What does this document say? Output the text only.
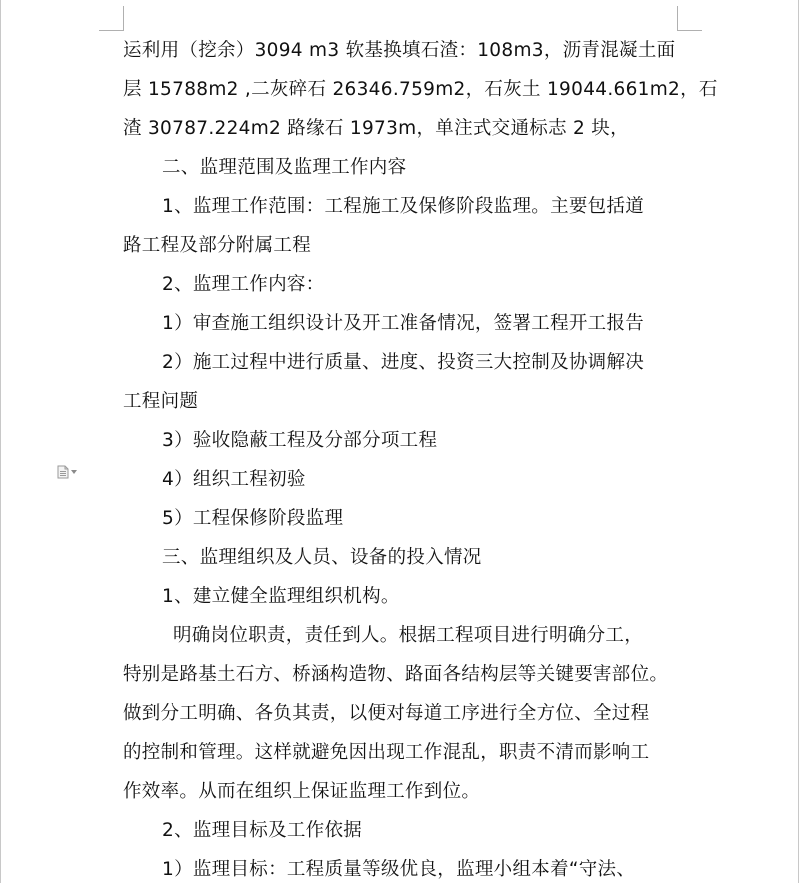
运利用（挖余）3094 m3 软基换填石渣：108m3，沥青混凝土面
层 15788m2 ,二灰碎石 26346.759m2，石灰土 19044.661m2，石
渣 30787.224m2 路缘石 1973m，单注式交通标志 2 块，
二、监理范围及监理工作内容
1、监理工作范围：工程施工及保修阶段监理。主要包括道
路工程及部分附属工程
2、监理工作内容：
1）审查施工组织设计及开工准备情况，签署工程开工报告
2）施工过程中进行质量、进度、投资三大控制及协调解决
工程问题
3）验收隐蔽工程及分部分项工程
4）组织工程初验
5）工程保修阶段监理
三、监理组织及人员、设备的投入情况
1、建立健全监理组织机构。
明确岗位职责，责任到人。根据工程项目进行明确分工，
特别是路基土石方、桥涵构造物、路面各结构层等关键要害部位。
做到分工明确、各负其责，以便对每道工序进行全方位、全过程
的控制和管理。这样就避免因出现工作混乱，职责不清而影响工
作效率。从而在组织上保证监理工作到位。
2、监理目标及工作依据
1）监理目标：工程质量等级优良，监理小组本着“守法、
